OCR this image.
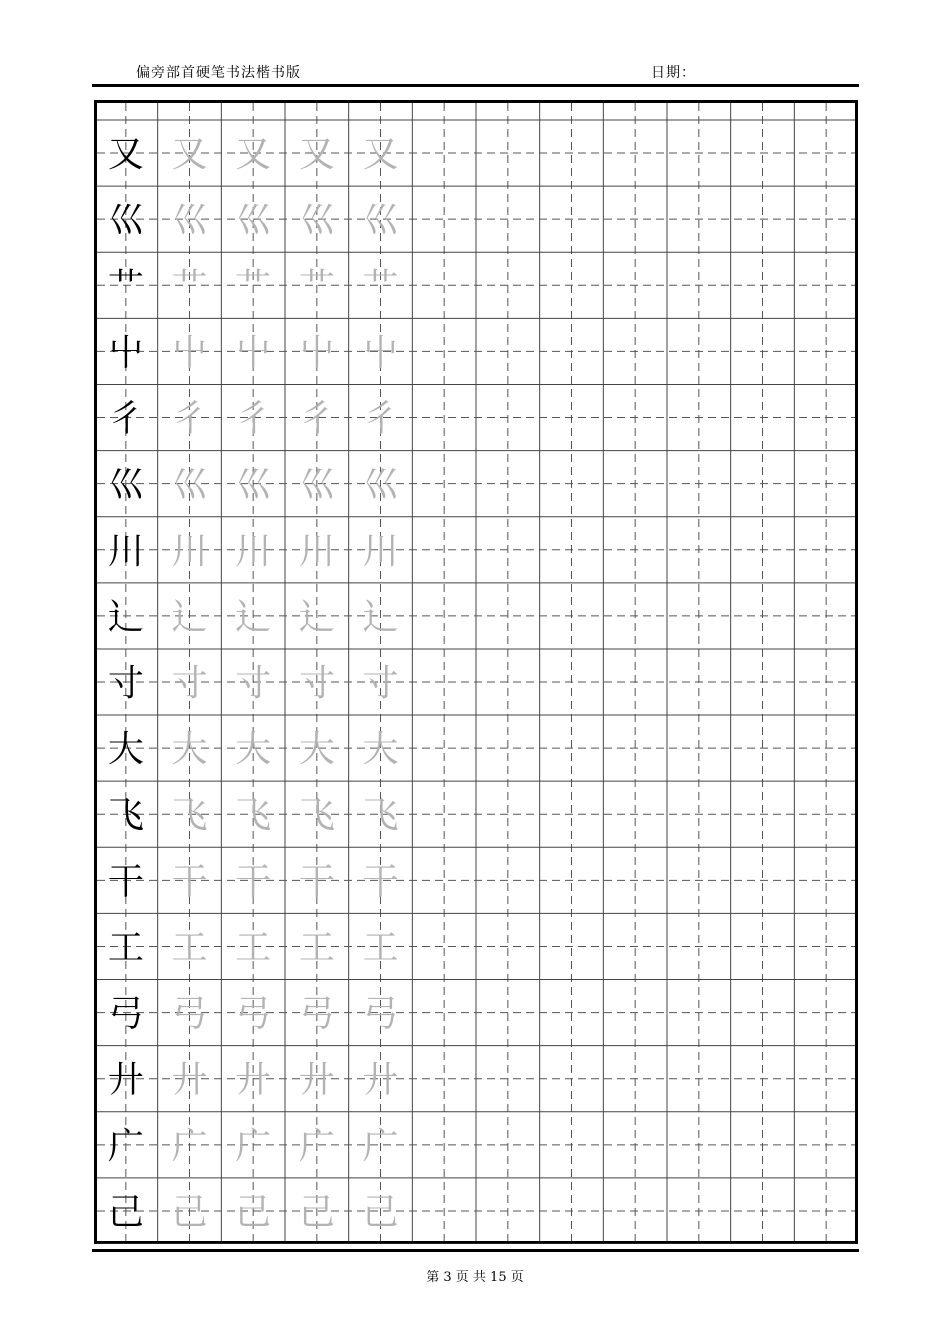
偏旁部首硬笔书法楷书版	日期：
又 又 又 又 又
巛 巛 巛 巛 巛
艹 艹 艹 艹 艹
屮 屮 屮 屮 屮
彳 彳 彳 彳 彳
巛 巛 巛 巛 巛
川 川 川 川 川
辶 辶 辶 辶 辶
寸 寸 寸 寸 寸
大 大 大 大 大
飞 飞 飞 飞 飞
干 干 干 干 干
工 工 工 工 工
弓 弓 弓 弓 弓
廾 廾 廾 廾 廾
广 广 广 广 广
己 己 己 己 己
第 3 页 共 15 页
